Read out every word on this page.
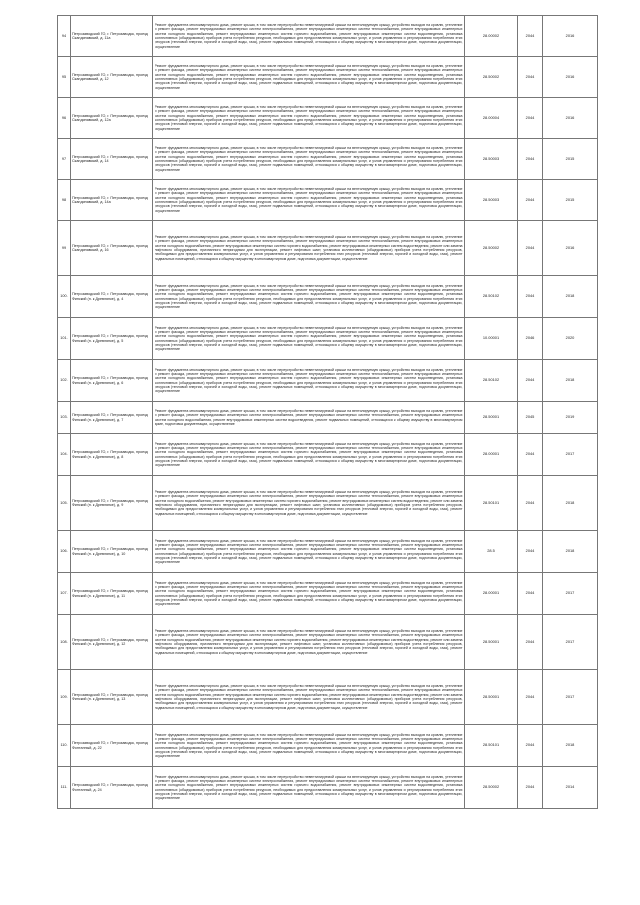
94	Петрозаводский ГО, г. Петрозаводск, проезд Скандинавский, д. 11а	Ремонт фундамента многоквартирного дома, ремонт крыши, в том числе переустройство невентилируемой крыши на вентилируемую крышу, устройство выходов на кровлю, утепление и ремонт фасада, ремонт внутридомовых инженерных систем электроснабжения, ремонт внутридомовых инженерных систем теплоснабжения, ремонт внутридомовых инженерных систем холодного водоснабжения, ремонт внутридомовых инженерных систем горячего водоснабжения, ремонт внутридомовых инженерных систем водоотведения, установка коллективных (общедомовых) приборов учета потребления ресурсов, необходимых для предоставления коммунальных услуг, и узлов управления и регулирования потребления этих ресурсов (тепловой энергии, горячей и холодной воды, газа), ремонт подвальных помещений, относящихся к общему имуществу в многоквартирном доме, подготовка документации, осуществление	28.00002	2044	2016

95	Петрозаводский ГО, г. Петрозаводск, проезд Скандинавский, д. 12	Ремонт фундамента многоквартирного дома, ремонт крыши, в том числе переустройство невентилируемой крыши на вентилируемую крышу, устройство выходов на кровлю, утепление и ремонт фасада, ремонт внутридомовых инженерных систем электроснабжения, ремонт внутридомовых инженерных систем теплоснабжения, ремонт внутридомовых инженерных систем холодного водоснабжения, ремонт внутридомовых инженерных систем горячего водоснабжения, ремонт внутридомовых инженерных систем водоотведения, установка коллективных (общедомовых) приборов учета потребления ресурсов, необходимых для предоставления коммунальных услуг, и узлов управления и регулирования потребления этих ресурсов (тепловой энергии, горячей и холодной воды, газа), ремонт подвальных помещений, относящихся к общему имуществу в многоквартирном доме, подготовка документации, осуществление	28.50002	2044	2016

96	Петрозаводский ГО, г. Петрозаводск, проезд Скандинавский, д. 12а	Ремонт фундамента многоквартирного дома, ремонт крыши, в том числе переустройство невентилируемой крыши на вентилируемую крышу, устройство выходов на кровлю, утепление и ремонт фасада, ремонт внутридомовых инженерных систем электроснабжения, ремонт внутридомовых инженерных систем теплоснабжения, ремонт внутридомовых инженерных систем холодного водоснабжения, ремонт внутридомовых инженерных систем горячего водоснабжения, ремонт внутридомовых инженерных систем водоотведения, установка коллективных (общедомовых) приборов учета потребления ресурсов, необходимых для предоставления коммунальных услуг, и узлов управления и регулирования потребления этих ресурсов (тепловой энергии, горячей и холодной воды, газа), ремонт подвальных помещений, относящихся к общему имуществу в многоквартирном доме, подготовка документации, осуществление	28.00004	2044	2016

97	Петрозаводский ГО, г. Петрозаводск, проезд Скандинавский, д. 14	Ремонт фундамента многоквартирного дома, ремонт крыши, в том числе переустройство невентилируемой крыши на вентилируемую крышу, устройство выходов на кровлю, утепление и ремонт фасада, ремонт внутридомовых инженерных систем электроснабжения, ремонт внутридомовых инженерных систем теплоснабжения, ремонт внутридомовых инженерных систем холодного водоснабжения, ремонт внутридомовых инженерных систем горячего водоснабжения, ремонт внутридомовых инженерных систем водоотведения, установка коллективных (общедомовых) приборов учета потребления ресурсов, необходимых для предоставления коммунальных услуг, и узлов управления и регулирования потребления этих ресурсов (тепловой энергии, горячей и холодной воды, газа), ремонт подвальных помещений, относящихся к общему имуществу в многоквартирном доме, подготовка документации, осуществление	28.50003	2044	2015

98	Петрозаводский ГО, г. Петрозаводск, проезд Скандинавский, д. 14а	Ремонт фундамента многоквартирного дома, ремонт крыши, в том числе переустройство невентилируемой крыши на вентилируемую крышу, устройство выходов на кровлю, утепление и ремонт фасада, ремонт внутридомовых инженерных систем электроснабжения, ремонт внутридомовых инженерных систем теплоснабжения, ремонт внутридомовых инженерных систем холодного водоснабжения, ремонт внутридомовых инженерных систем горячего водоснабжения, ремонт внутридомовых инженерных систем водоотведения, установка коллективных (общедомовых) приборов учета потребления ресурсов, необходимых для предоставления коммунальных услуг, и узлов управления и регулирования потребления этих ресурсов (тепловой энергии, горячей и холодной воды, газа), ремонт подвальных помещений, относящихся к общему имуществу в многоквартирном доме, подготовка документации, осуществление	28.50003	2044	2015

99	Петрозаводский ГО, г. Петрозаводск, проезд Скандинавский, д. 16	Ремонт фундамента многоквартирного дома, ремонт крыши, в том числе переустройство невентилируемой крыши на вентилируемую крышу, устройство выходов на кровлю, утепление и ремонт фасада, ремонт внутридомовых инженерных систем электроснабжения, ремонт внутридомовых инженерных систем теплоснабжения, ремонт внутридомовых инженерных систем холодного водоснабжения, ремонт внутридомовых инженерных систем горячего водоснабжения, ремонт внутридомовых инженерных систем водоотведения, ремонт или замена лифтового оборудования, признанного непригодным для эксплуатации, ремонт лифтовых шахт, установка коллективных (общедомовых) приборов учета потребления ресурсов, необходимых для предоставления коммунальных услуг, и узлов управления и регулирования потребления этих ресурсов (тепловой энергии, горячей и холодной воды, газа), ремонт подвальных помещений, относящихся к общему имуществу в многоквартирном доме, подготовка документации, осуществление	28.50002	2044	2016

100.	Петрозаводский ГО, г. Петрозаводск, проезд Финский (п. к Древлянке), д. 4	Ремонт фундамента многоквартирного дома, ремонт крыши, в том числе переустройство невентилируемой крыши на вентилируемую крышу, устройство выходов на кровлю, утепление и ремонт фасада, ремонт внутридомовых инженерных систем электроснабжения, ремонт внутридомовых инженерных систем теплоснабжения, ремонт внутридомовых инженерных систем холодного водоснабжения, ремонт внутридомовых инженерных систем горячего водоснабжения, ремонт внутридомовых инженерных систем водоотведения, установка коллективных (общедомовых) приборов учета потребления ресурсов, необходимых для предоставления коммунальных услуг, и узлов управления и регулирования потребления этих ресурсов (тепловой энергии, горячей и холодной воды, газа), ремонт подвальных помещений, относящихся к общему имуществу в многоквартирном доме, подготовка документации, осуществление	28.50102	2044	2018

101.	Петрозаводский ГО, г. Петрозаводск, проезд Финский (п. к Древлянке), д. 5	Ремонт фундамента многоквартирного дома, ремонт крыши, в том числе переустройство невентилируемой крыши на вентилируемую крышу, устройство выходов на кровлю, утепление и ремонт фасада, ремонт внутридомовых инженерных систем электроснабжения, ремонт внутридомовых инженерных систем теплоснабжения, ремонт внутридомовых инженерных систем холодного водоснабжения, ремонт внутридомовых инженерных систем горячего водоснабжения, ремонт внутридомовых инженерных систем водоотведения, установка коллективных (общедомовых) приборов учета потребления ресурсов, необходимых для предоставления коммунальных услуг, и узлов управления и регулирования потребления этих ресурсов (тепловой энергии, горячей и холодной воды, газа), ремонт подвальных помещений, относящихся к общему имуществу в многоквартирном доме, подготовка документации, осуществление	10.00001	2046	2020

102.	Петрозаводский ГО, г. Петрозаводск, проезд Финский (п. к Древлянке), д. 6	Ремонт фундамента многоквартирного дома, ремонт крыши, в том числе переустройство невентилируемой крыши на вентилируемую крышу, устройство выходов на кровлю, утепление и ремонт фасада, ремонт внутридомовых инженерных систем электроснабжения, ремонт внутридомовых инженерных систем теплоснабжения, ремонт внутридомовых инженерных систем холодного водоснабжения, ремонт внутридомовых инженерных систем горячего водоснабжения, ремонт внутридомовых инженерных систем водоотведения, установка коллективных (общедомовых) приборов учета потребления ресурсов, необходимых для предоставления коммунальных услуг, и узлов управления и регулирования потребления этих ресурсов (тепловой энергии, горячей и холодной воды, газа), ремонт подвальных помещений, относящихся к общему имуществу в многоквартирном доме, подготовка документации, осуществление	28.50102	2044	2018

103.	Петрозаводский ГО, г. Петрозаводск, проезд Финский (п. к Древлянке), д. 7	Ремонт фундамента многоквартирного дома, ремонт крыши, в том числе переустройство невентилируемой крыши на вентилируемую крышу, устройство выходов на кровлю, утепление и ремонт фасада, ремонт внутридомовых инженерных систем электроснабжения, ремонт внутридомовых инженерных систем теплоснабжения, ремонт внутридомовых инженерных систем холодного водоснабжения, ремонт внутридомовых инженерных систем водоотведения, ремонт подвальных помещений, относящихся к общему имуществу в многоквартирном доме, подготовка документации, осуществление	28.50001	2045	2019

104.	Петрозаводский ГО, г. Петрозаводск, проезд Финский (п. к Древлянке), д. 8	Ремонт фундамента многоквартирного дома, ремонт крыши, в том числе переустройство невентилируемой крыши на вентилируемую крышу, устройство выходов на кровлю, утепление и ремонт фасада, ремонт внутридомовых инженерных систем электроснабжения, ремонт внутридомовых инженерных систем теплоснабжения, ремонт внутридомовых инженерных систем холодного водоснабжения, ремонт внутридомовых инженерных систем горячего водоснабжения, ремонт внутридомовых инженерных систем водоотведения, установка коллективных (общедомовых) приборов учета потребления ресурсов, необходимых для предоставления коммунальных услуг, и узлов управления и регулирования потребления этих ресурсов (тепловой энергии, горячей и холодной воды, газа), ремонт подвальных помещений, относящихся к общему имуществу в многоквартирном доме, подготовка документации, осуществление	28.00001	2044	2017

105.	Петрозаводский ГО, г. Петрозаводск, проезд Финский (п. к Древлянке), д. 9	Ремонт фундамента многоквартирного дома, ремонт крыши, в том числе переустройство невентилируемой крыши на вентилируемую крышу, устройство выходов на кровлю, утепление и ремонт фасада, ремонт внутридомовых инженерных систем электроснабжения, ремонт внутридомовых инженерных систем теплоснабжения, ремонт внутридомовых инженерных систем холодного водоснабжения, ремонт внутридомовых инженерных систем горячего водоснабжения, ремонт внутридомовых инженерных систем водоотведения, ремонт или замена лифтового оборудования, признанного непригодным для эксплуатации, ремонт лифтовых шахт, установка коллективных (общедомовых) приборов учета потребления ресурсов, необходимых для предоставления коммунальных услуг, и узлов управления и регулирования потребления этих ресурсов (тепловой энергии, горячей и холодной воды, газа), ремонт подвальных помещений, относящихся к общему имуществу в многоквартирном доме, подготовка документации, осуществление	28.50101	2044	2018

106.	Петрозаводский ГО, г. Петрозаводск, проезд Финский (п. к Древлянке), д. 10	Ремонт фундамента многоквартирного дома, ремонт крыши, в том числе переустройство невентилируемой крыши на вентилируемую крышу, устройство выходов на кровлю, утепление и ремонт фасада, ремонт внутридомовых инженерных систем электроснабжения, ремонт внутридомовых инженерных систем теплоснабжения, ремонт внутридомовых инженерных систем холодного водоснабжения, ремонт внутридомовых инженерных систем горячего водоснабжения, ремонт внутридомовых инженерных систем водоотведения, установка коллективных (общедомовых) приборов учета потребления ресурсов, необходимых для предоставления коммунальных услуг, и узлов управления и регулирования потребления этих ресурсов (тепловой энергии, горячей и холодной воды, газа), ремонт подвальных помещений, относящихся к общему имуществу в многоквартирном доме, подготовка документации, осуществление	28.5	2044	2018

107.	Петрозаводский ГО, г. Петрозаводск, проезд Финский (п. к Древлянке), д. 11	Ремонт фундамента многоквартирного дома, ремонт крыши, в том числе переустройство невентилируемой крыши на вентилируемую крышу, устройство выходов на кровлю, утепление и ремонт фасада, ремонт внутридомовых инженерных систем электроснабжения, ремонт внутридомовых инженерных систем теплоснабжения, ремонт внутридомовых инженерных систем холодного водоснабжения, ремонт внутридомовых инженерных систем горячего водоснабжения, ремонт внутридомовых инженерных систем водоотведения, установка коллективных (общедомовых) приборов учета потребления ресурсов, необходимых для предоставления коммунальных услуг, и узлов управления и регулирования потребления этих ресурсов (тепловой энергии, горячей и холодной воды, газа), ремонт подвальных помещений, относящихся к общему имуществу в многоквартирном доме, подготовка документации, осуществление	28.00001	2044	2017

108.	Петрозаводский ГО, г. Петрозаводск, проезд Финский (п. к Древлянке), д. 12	Ремонт фундамента многоквартирного дома, ремонт крыши, в том числе переустройство невентилируемой крыши на вентилируемую крышу, устройство выходов на кровлю, утепление и ремонт фасада, ремонт внутридомовых инженерных систем электроснабжения, ремонт внутридомовых инженерных систем теплоснабжения, ремонт внутридомовых инженерных систем холодного водоснабжения, ремонт внутридомовых инженерных систем горячего водоснабжения, ремонт внутридомовых инженерных систем водоотведения, ремонт или замена лифтового оборудования, признанного непригодным для эксплуатации, ремонт лифтовых шахт, установка коллективных (общедомовых) приборов учета потребления ресурсов, необходимых для предоставления коммунальных услуг, и узлов управления и регулирования потребления этих ресурсов (тепловой энергии, горячей и холодной воды, газа), ремонт подвальных помещений, относящихся к общему имуществу в многоквартирном доме, подготовка документации, осуществление	28.50001	2044	2017

109.	Петрозаводский ГО, г. Петрозаводск, проезд Финский (п. к Древлянке), д. 13	Ремонт фундамента многоквартирного дома, ремонт крыши, в том числе переустройство невентилируемой крыши на вентилируемую крышу, устройство выходов на кровлю, утепление и ремонт фасада, ремонт внутридомовых инженерных систем электроснабжения, ремонт внутридомовых инженерных систем теплоснабжения, ремонт внутридомовых инженерных систем холодного водоснабжения, ремонт внутридомовых инженерных систем горячего водоснабжения, ремонт внутридомовых инженерных систем водоотведения, ремонт или замена лифтового оборудования, признанного непригодным для эксплуатации, ремонт лифтовых шахт, установка коллективных (общедомовых) приборов учета потребления ресурсов, необходимых для предоставления коммунальных услуг, и узлов управления и регулирования потребления этих ресурсов (тепловой энергии, горячей и холодной воды, газа), ремонт подвальных помещений, относящихся к общему имуществу в многоквартирном доме, подготовка документации, осуществление	28.50001	2044	2017

110.	Петрозаводский ГО, г. Петрозаводск, проезд Фонтанный, д. 22	Ремонт фундамента многоквартирного дома, ремонт крыши, в том числе переустройство невентилируемой крыши на вентилируемую крышу, устройство выходов на кровлю, утепление и ремонт фасада, ремонт внутридомовых инженерных систем электроснабжения, ремонт внутридомовых инженерных систем теплоснабжения, ремонт внутридомовых инженерных систем холодного водоснабжения, ремонт внутридомовых инженерных систем горячего водоснабжения, ремонт внутридомовых инженерных систем водоотведения, установка коллективных (общедомовых) приборов учета потребления ресурсов, необходимых для предоставления коммунальных услуг, и узлов управления и регулирования потребления этих ресурсов (тепловой энергии, горячей и холодной воды, газа), ремонт подвальных помещений, относящихся к общему имуществу в многоквартирном доме, подготовка документации, осуществление	28.50101	2044	2018

111.	Петрозаводский ГО, г. Петрозаводск, проезд Фонтанный, д. 24	Ремонт фундамента многоквартирного дома, ремонт крыши, в том числе переустройство невентилируемой крыши на вентилируемую крышу, устройство выходов на кровлю, утепление и ремонт фасада, ремонт внутридомовых инженерных систем электроснабжения, ремонт внутридомовых инженерных систем теплоснабжения, ремонт внутридомовых инженерных систем холодного водоснабжения, ремонт внутридомовых инженерных систем горячего водоснабжения, ремонт внутридомовых инженерных систем водоотведения, установка коллективных (общедомовых) приборов учета потребления ресурсов, необходимых для предоставления коммунальных услуг, и узлов управления и регулирования потребления этих ресурсов (тепловой энергии, горячей и холодной воды, газа), ремонт подвальных помещений, относящихся к общему имуществу в многоквартирном доме, подготовка документации, осуществление	28.50002	2044	2014
